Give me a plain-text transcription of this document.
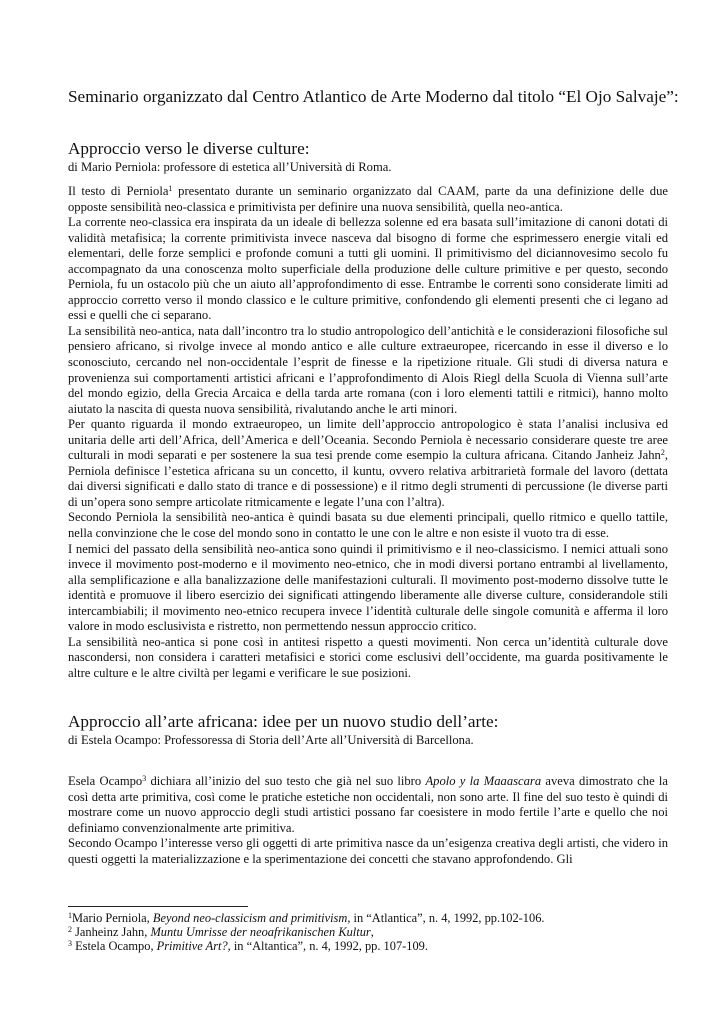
Seminario organizzato dal Centro Atlantico de Arte Moderno dal titolo “El Ojo Salvaje”:
Approccio verso le diverse culture:

di Mario Perniola: professore di estetica all’Università di Roma.

Il testo di Perniola$^1$ presentato durante un seminario organizzato dal CAAM, parte da una definizione delle due opposte sensibilità neo-classica e primitivista per definire una nuova sensibilità, quella neo-antica.

La corrente neo-classica era inspirata da un ideale di bellezza solenne ed era basata sull’imitazione di canoni dotati di validità metafisica; la corrente primitivista invece nasceva dal bisogno di forme che esprimessero energie vitali ed elementari, delle forze semplici e profonde comuni a tutti gli uomini. Il primitivismo del diciannovesimo secolo fu accompagnato da una conoscenza molto superficiale della produzione delle culture primitive e per questo, secondo Perniola, fu un ostacolo più che un aiuto all’approfondimento di esse. Entrambe le correnti sono considerate limiti ad approccio corretto verso il mondo classico e le culture primitive, confondendo gli elementi presenti che ci legano ad essi e quelli che ci separano.

La sensibilità neo-antica, nata dall’incontro tra lo studio antropologico dell’antichità e le considerazioni filosofiche sul pensiero africano, si rivolge invece al mondo antico e alle culture extraeuropee, ricercando in esse il diverso e lo sconosciuto, cercando nel non-occidentale l’esprit de finesse e la ripetizione rituale. Gli studi di diversa natura e provenienza sui comportamenti artistici africani e l’approfondimento di Alois Riegl della Scuola di Vienna sull’arte del mondo egizio, della Grecia Arcaica e della tarda arte romana (con i loro elementi tattili e ritmici), hanno molto aiutato la nascita di questa nuova sensibilità, rivalutando anche le arti minori.

Per quanto riguarda il mondo extraeuropeo, un limite dell’approccio antropologico è stata l’analisi inclusiva ed unitaria delle arti dell’Africa, dell’America e dell’Oceania. Secondo Perniola è necessario considerare queste tre aree culturali in modi separati e per sostenere la sua tesi prende come esempio la cultura africana. Citando Janheiz Jahn$^2$, Perniola definisce l’estetica africana su un concetto, il kuntu, ovvero relativa arbitrarietà formale del lavoro (dettata dai diversi significati e dallo stato di trance e di possessione) e il ritmo degli strumenti di percussione (le diverse parti di un’opera sono sempre articolate ritmicamente e legate l’una con l’altra).

Secondo Perniola la sensibilità neo-antica è quindi basata su due elementi principali, quello ritmico e quello tattile, nella convinzione che le cose del mondo sono in contatto le une con le altre e non esiste il vuoto tra di esse.

I nemici del passato della sensibilità neo-antica sono quindi il primitivismo e il neo-classicismo. I nemici attuali sono invece il movimento post-moderno e il movimento neo-etnico, che in modi diversi portano entrambi al livellamento, alla semplificazione e alla banalizzazione delle manifestazioni culturali. Il movimento post-moderno dissolve tutte le identità e promuove il libero esercizio dei significati attingendo liberamente alle diverse culture, considerandole stili intercambiabili; il movimento neo-etnico recupera invece l’identità culturale delle singole comunità e afferma il loro valore in modo esclusivista e ristretto, non permettendo nessun approccio critico.

La sensibilità neo-antica si pone così in antitesi rispetto a questi movimenti. Non cerca un’identità culturale dove nascondersi, non considera i caratteri metafisici e storici come esclusivi dell’occidente, ma guarda positivamente le altre culture e le altre civiltà per legami e verificare le sue posizioni.

Approccio all’arte africana: idee per un nuovo studio dell’arte:

di Estela Ocampo: Professoressa di Storia dell’Arte all’Università di Barcellona.

Esela Ocampo$^3$ dichiara all’inizio del suo testo che già nel suo libro Apolo y la Maaascara aveva dimostrato che la così detta arte primitiva, così come le pratiche estetiche non occidentali, non sono arte. Il fine del suo testo è quindi di mostrare come un nuovo approccio degli studi artistici possano far coesistere in modo fertile l’arte e quello che noi definiamo convenzionalmente arte primitiva.

Secondo Ocampo l’interesse verso gli oggetti di arte primitiva nasce da un’esigenza creativa degli artisti, che videro in questi oggetti la materializzazione e la sperimentazione dei concetti che stavano approfondendo. Gli

$^1$Mario Perniola, Beyond neo-classicism and primitivism, in “Atlantica”, n. 4, 1992, pp.102-106.
$^2$ Janheinz Jahn, Muntu Umrisse der neoafrikanischen Kultur,
$^3$ Estela Ocampo, Primitive Art?, in “Altantica”, n. 4, 1992, pp. 107-109.
